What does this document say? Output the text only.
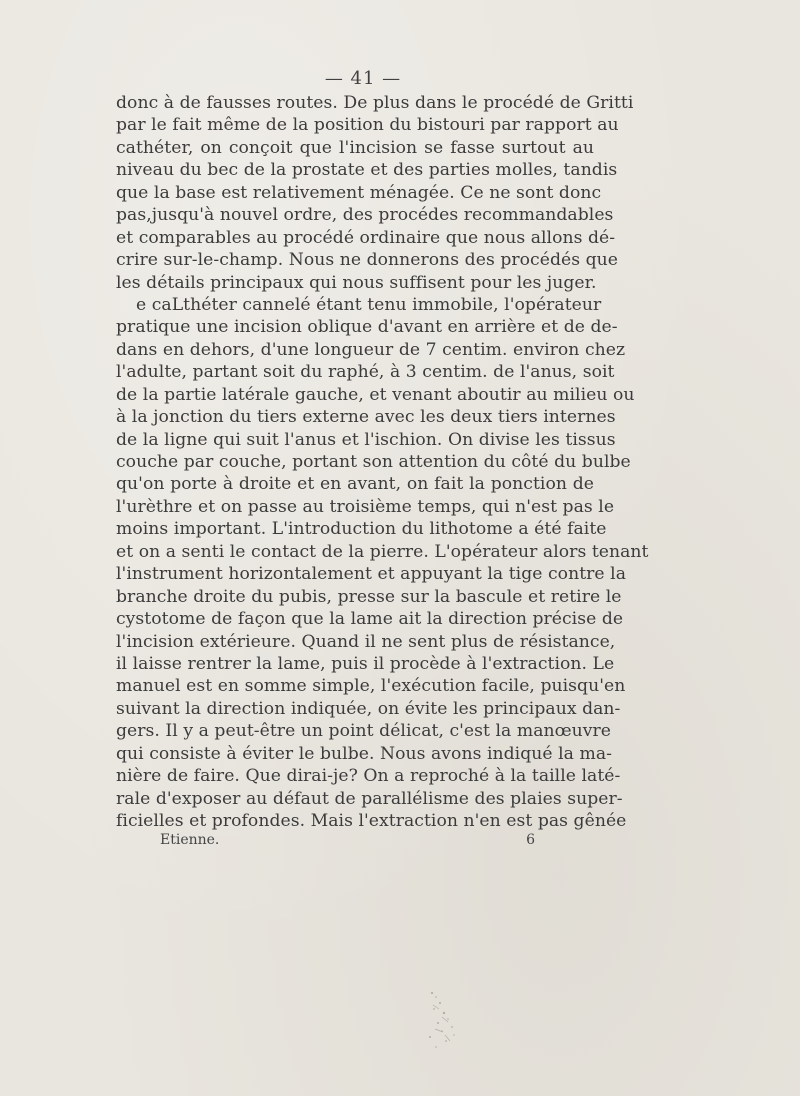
— 41 —
donc à de fausses routes. De plus dans le procédé de Gritti
par le fait même de la position du bistouri par rapport au
cathéter, on conçoit que l'incision se fasse surtout au
niveau du bec de la prostate et des parties molles, tandis
que la base est relativement ménagée. Ce ne sont donc
pas,jusqu'à nouvel ordre, des procédes recommandables
et comparables au procédé ordinaire que nous allons dé-
crire sur-le-champ. Nous ne donnerons des procédés que
les détails principaux qui nous suffisent pour les juger.
e caLthéter cannelé étant tenu immobile, l'opérateur
pratique une incision oblique d'avant en arrière et de de-
dans en dehors, d'une longueur de 7 centim. environ chez
l'adulte, partant soit du raphé, à 3 centim. de l'anus, soit
de la partie latérale gauche, et venant aboutir au milieu ou
à la jonction du tiers externe avec les deux tiers internes
de la ligne qui suit l'anus et l'ischion. On divise les tissus
couche par couche, portant son attention du côté du bulbe
qu'on porte à droite et en avant, on fait la ponction de
l'urèthre et on passe au troisième temps, qui n'est pas le
moins important. L'introduction du lithotome a été faite
et on a senti le contact de la pierre. L'opérateur alors tenant
l'instrument horizontalement et appuyant la tige contre la
branche droite du pubis, presse sur la bascule et retire le
cystotome de façon que la lame ait la direction précise de
l'incision extérieure. Quand il ne sent plus de résistance,
il laisse rentrer la lame, puis il procède à l'extraction. Le
manuel est en somme simple, l'exécution facile, puisqu'en
suivant la direction indiquée, on évite les principaux dan-
gers. Il y a peut-être un point délicat, c'est la manœuvre
qui consiste à éviter le bulbe. Nous avons indiqué la ma-
nière de faire. Que dirai-je? On a reproché à la taille laté-
rale d'exposer au défaut de parallélisme des plaies super-
ficielles et profondes. Mais l'extraction n'en est pas gênée
Etienne.	6
